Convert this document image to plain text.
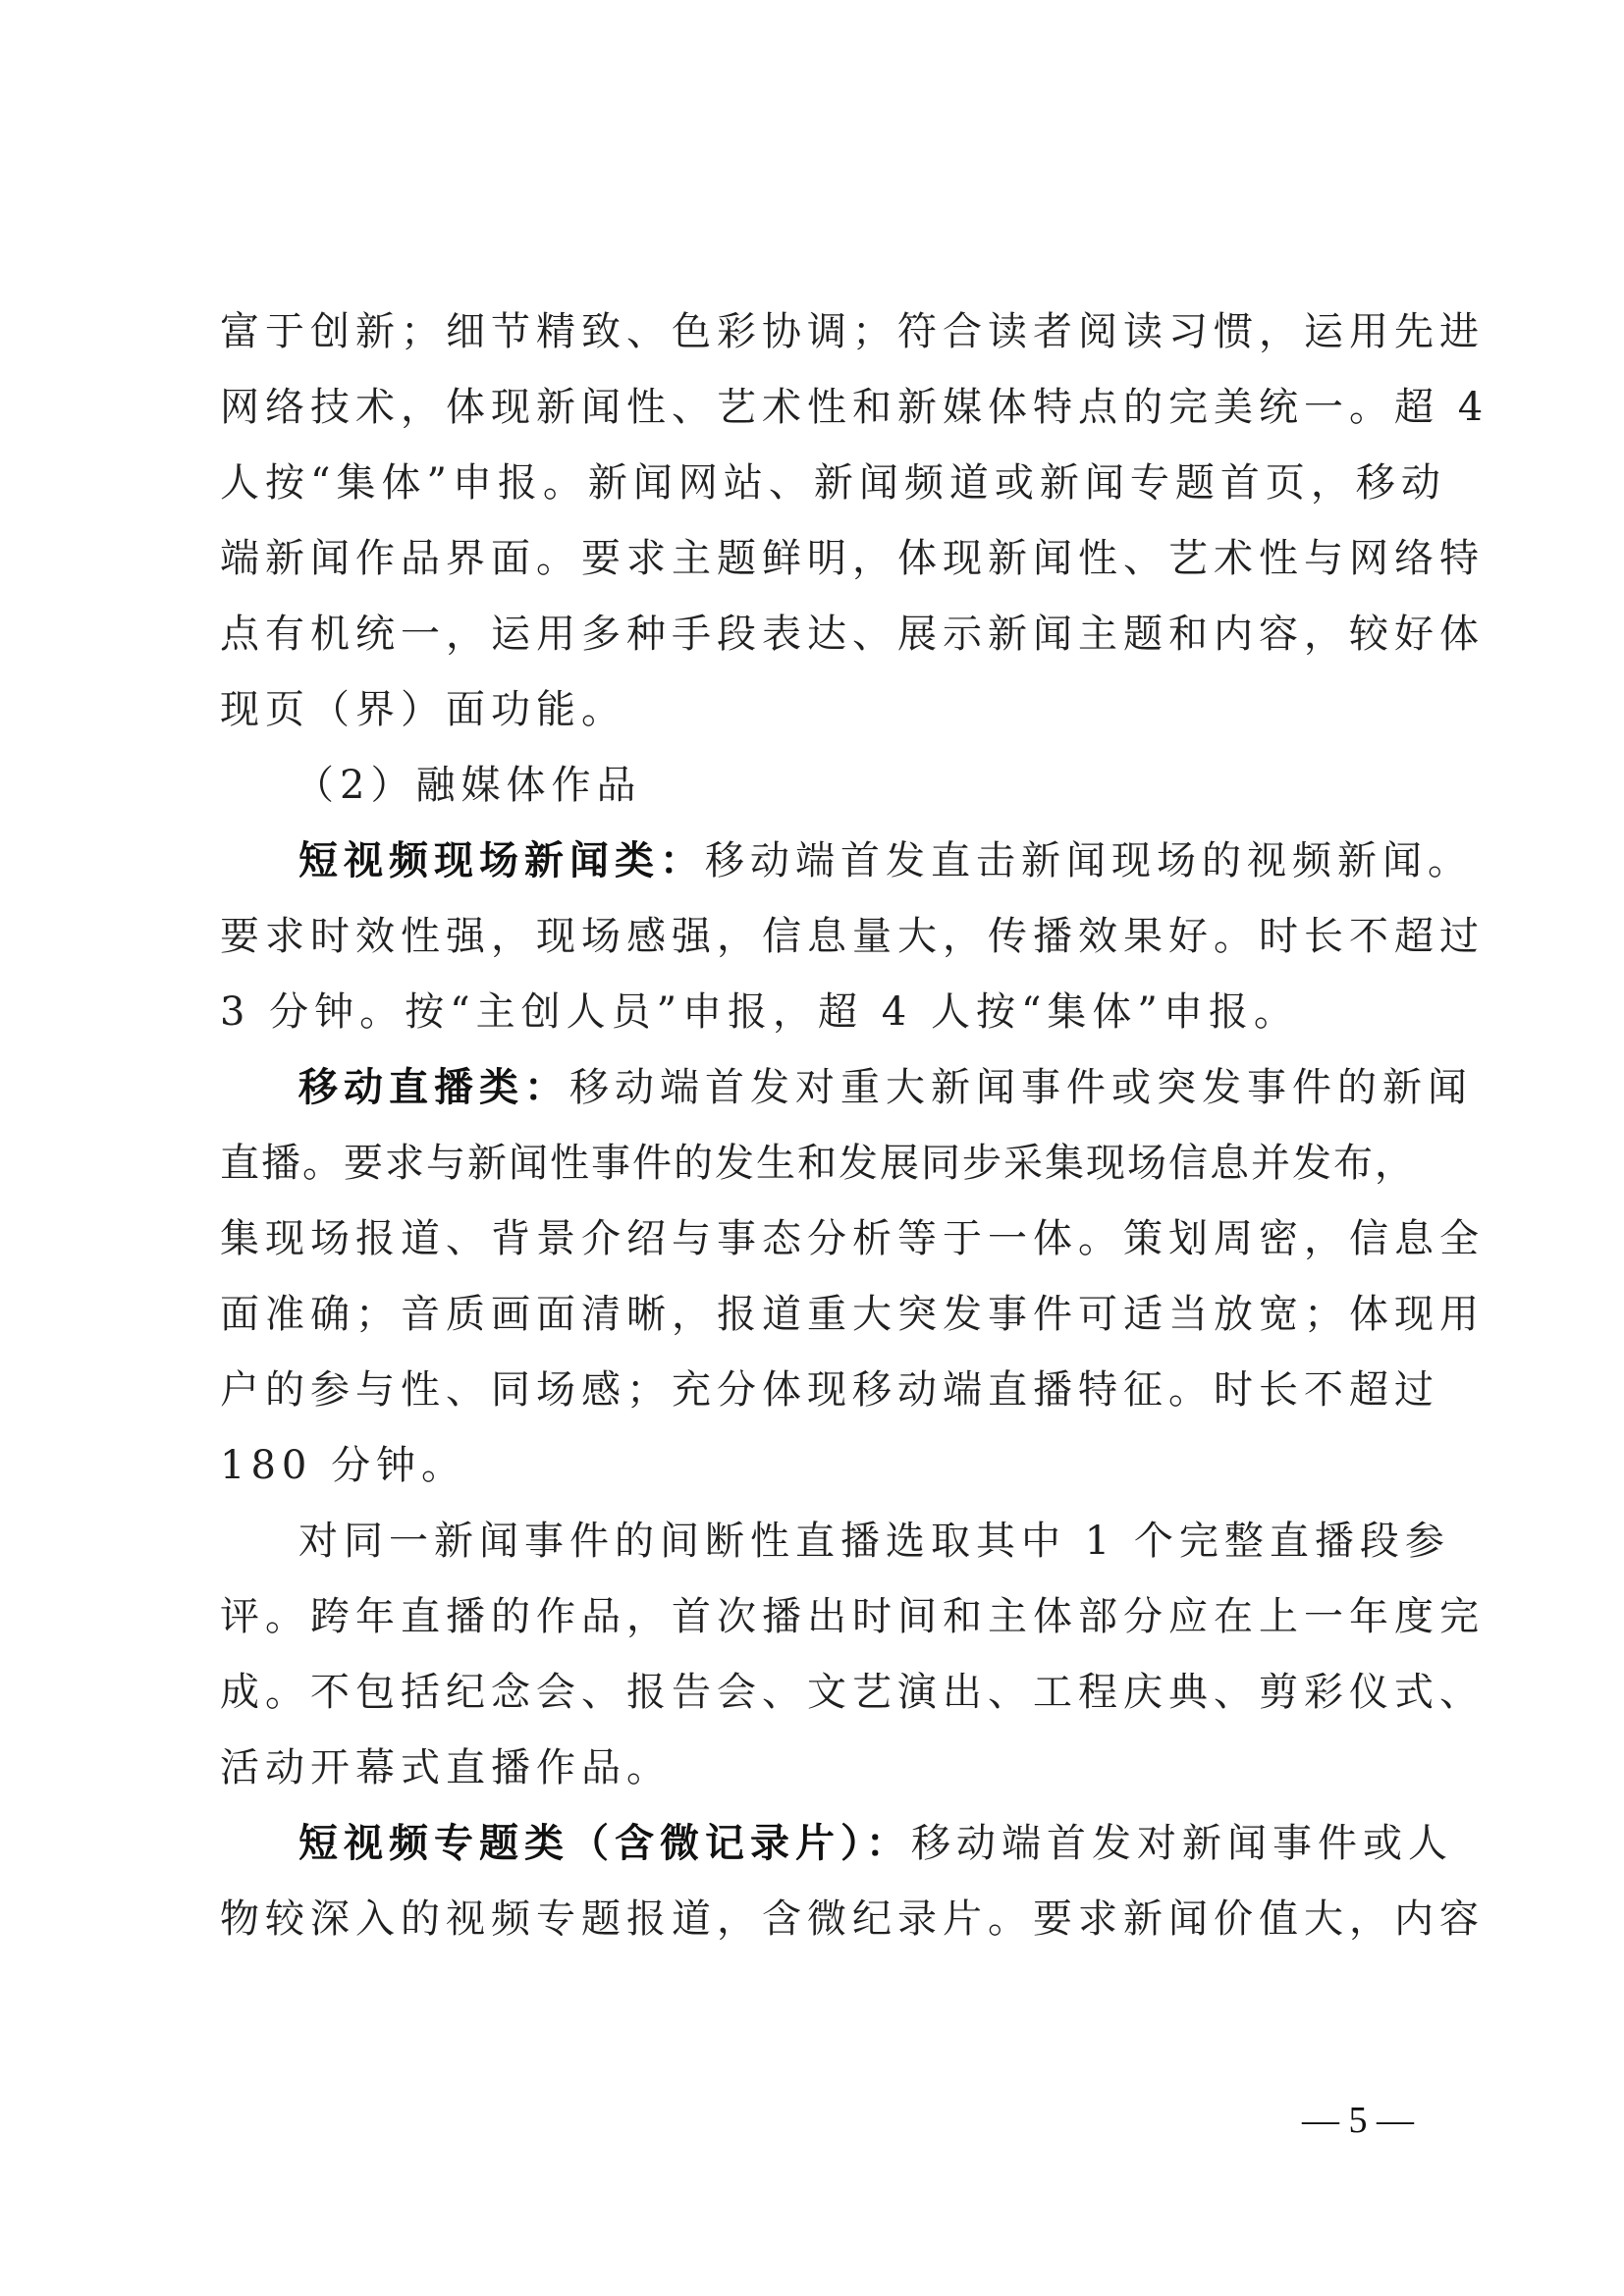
富于创新；细节精致、色彩协调；符合读者阅读习惯，运用先进
网络技术，体现新闻性、艺术性和新媒体特点的完美统一。超 4
人按“集体”申报。新闻网站、新闻频道或新闻专题首页，移动
端新闻作品界面。要求主题鲜明，体现新闻性、艺术性与网络特
点有机统一，运用多种手段表达、展示新闻主题和内容，较好体
现页（界）面功能。
（2）融媒体作品
短视频现场新闻类：移动端首发直击新闻现场的视频新闻。
要求时效性强，现场感强，信息量大，传播效果好。时长不超过
3 分钟。按“主创人员”申报，超 4 人按“集体”申报。
移动直播类：移动端首发对重大新闻事件或突发事件的新闻
直播。要求与新闻性事件的发生和发展同步采集现场信息并发布，
集现场报道、背景介绍与事态分析等于一体。策划周密，信息全
面准确；音质画面清晰，报道重大突发事件可适当放宽；体现用
户的参与性、同场感；充分体现移动端直播特征。时长不超过
180 分钟。
对同一新闻事件的间断性直播选取其中 1 个完整直播段参
评。跨年直播的作品，首次播出时间和主体部分应在上一年度完
成。不包括纪念会、报告会、文艺演出、工程庆典、剪彩仪式、
活动开幕式直播作品。
短视频专题类（含微记录片）：移动端首发对新闻事件或人
物较深入的视频专题报道，含微纪录片。要求新闻价值大，内容
— 5 —
